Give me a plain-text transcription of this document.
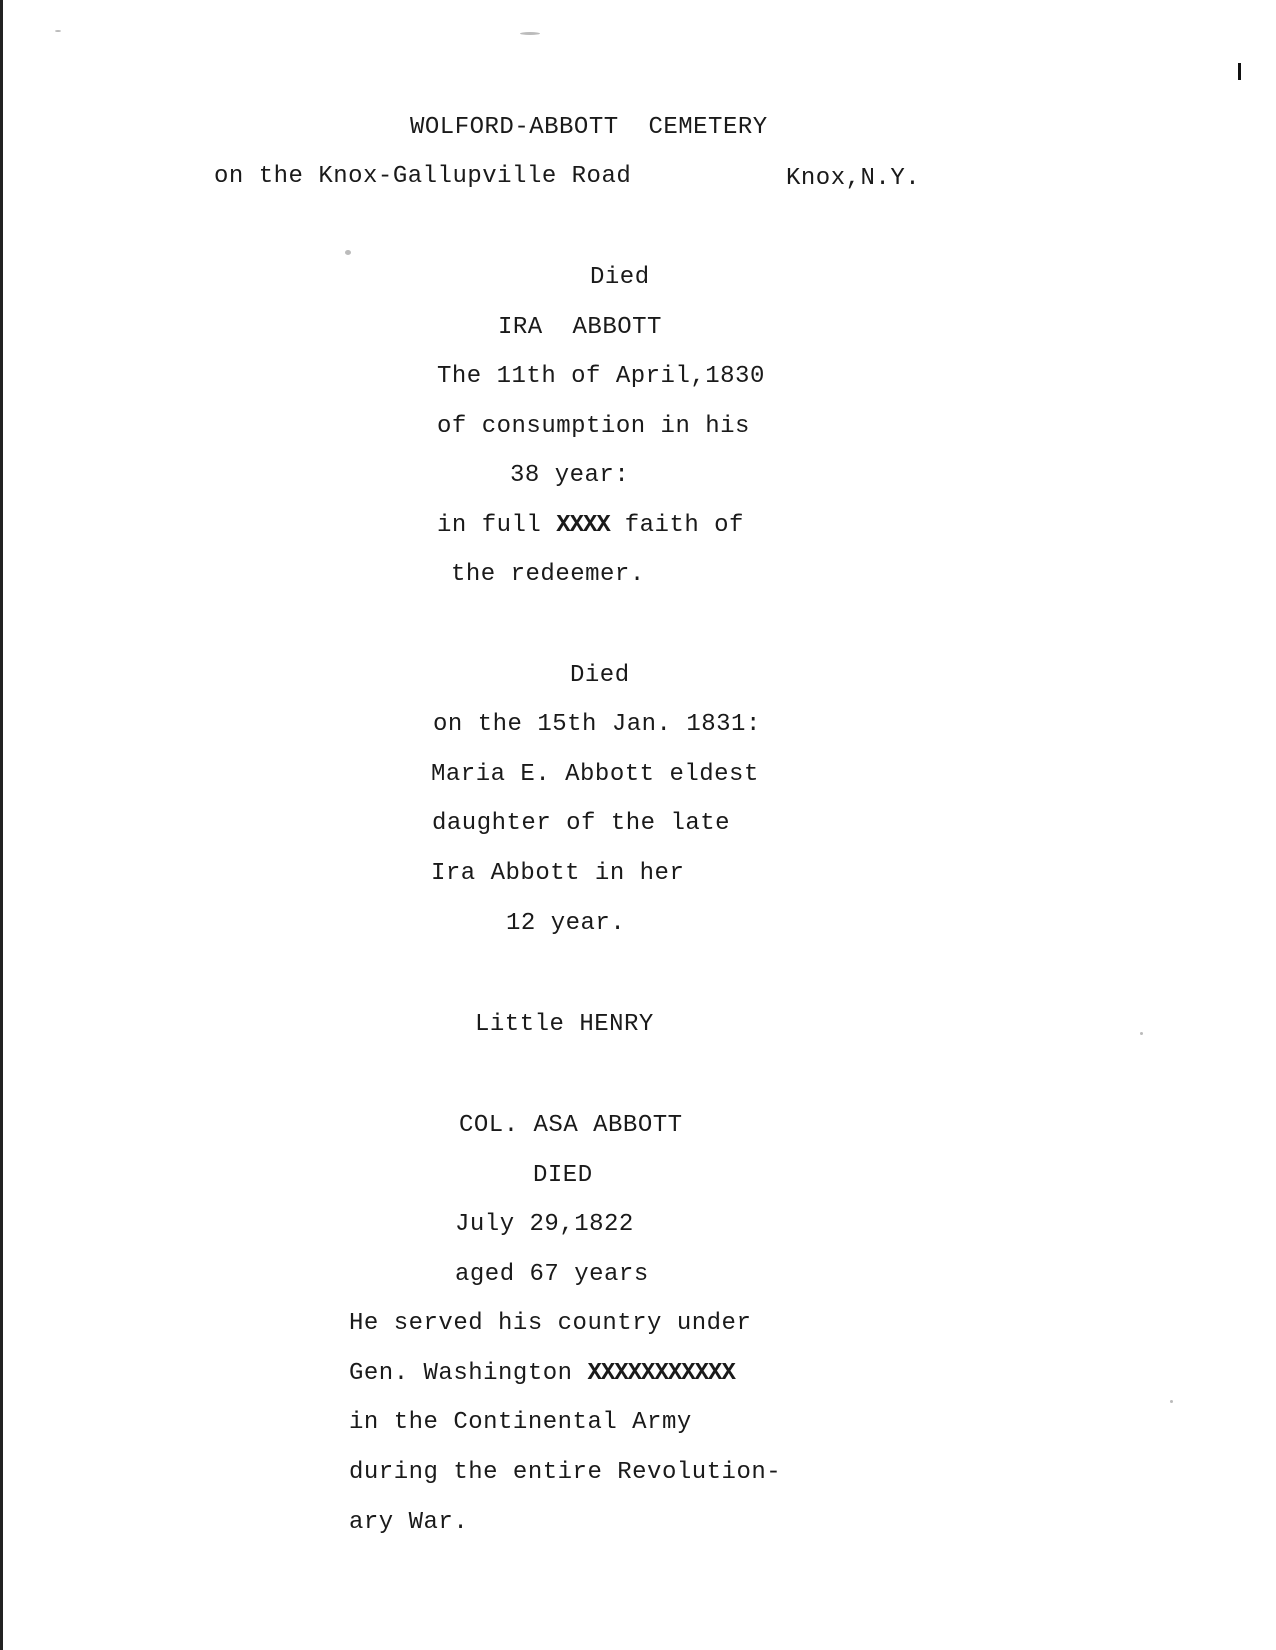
WOLFORD-ABBOTT  CEMETERY
on the Knox-Gallupville Road	Knox,N.Y.
Died
IRA  ABBOTT
The 11th of April,1830
of consumption in his
38 year:
in full XXXX faith of
the redeemer.
Died
on the 15th Jan. 1831:
Maria E. Abbott eldest
daughter of the late
Ira Abbott in her
12 year.
Little HENRY
COL. ASA ABBOTT
DIED
July 29,1822
aged 67 years
He served his country under
Gen. Washington XXXXXXXXXXX
in the Continental Army
during the entire Revolution-
ary War.
